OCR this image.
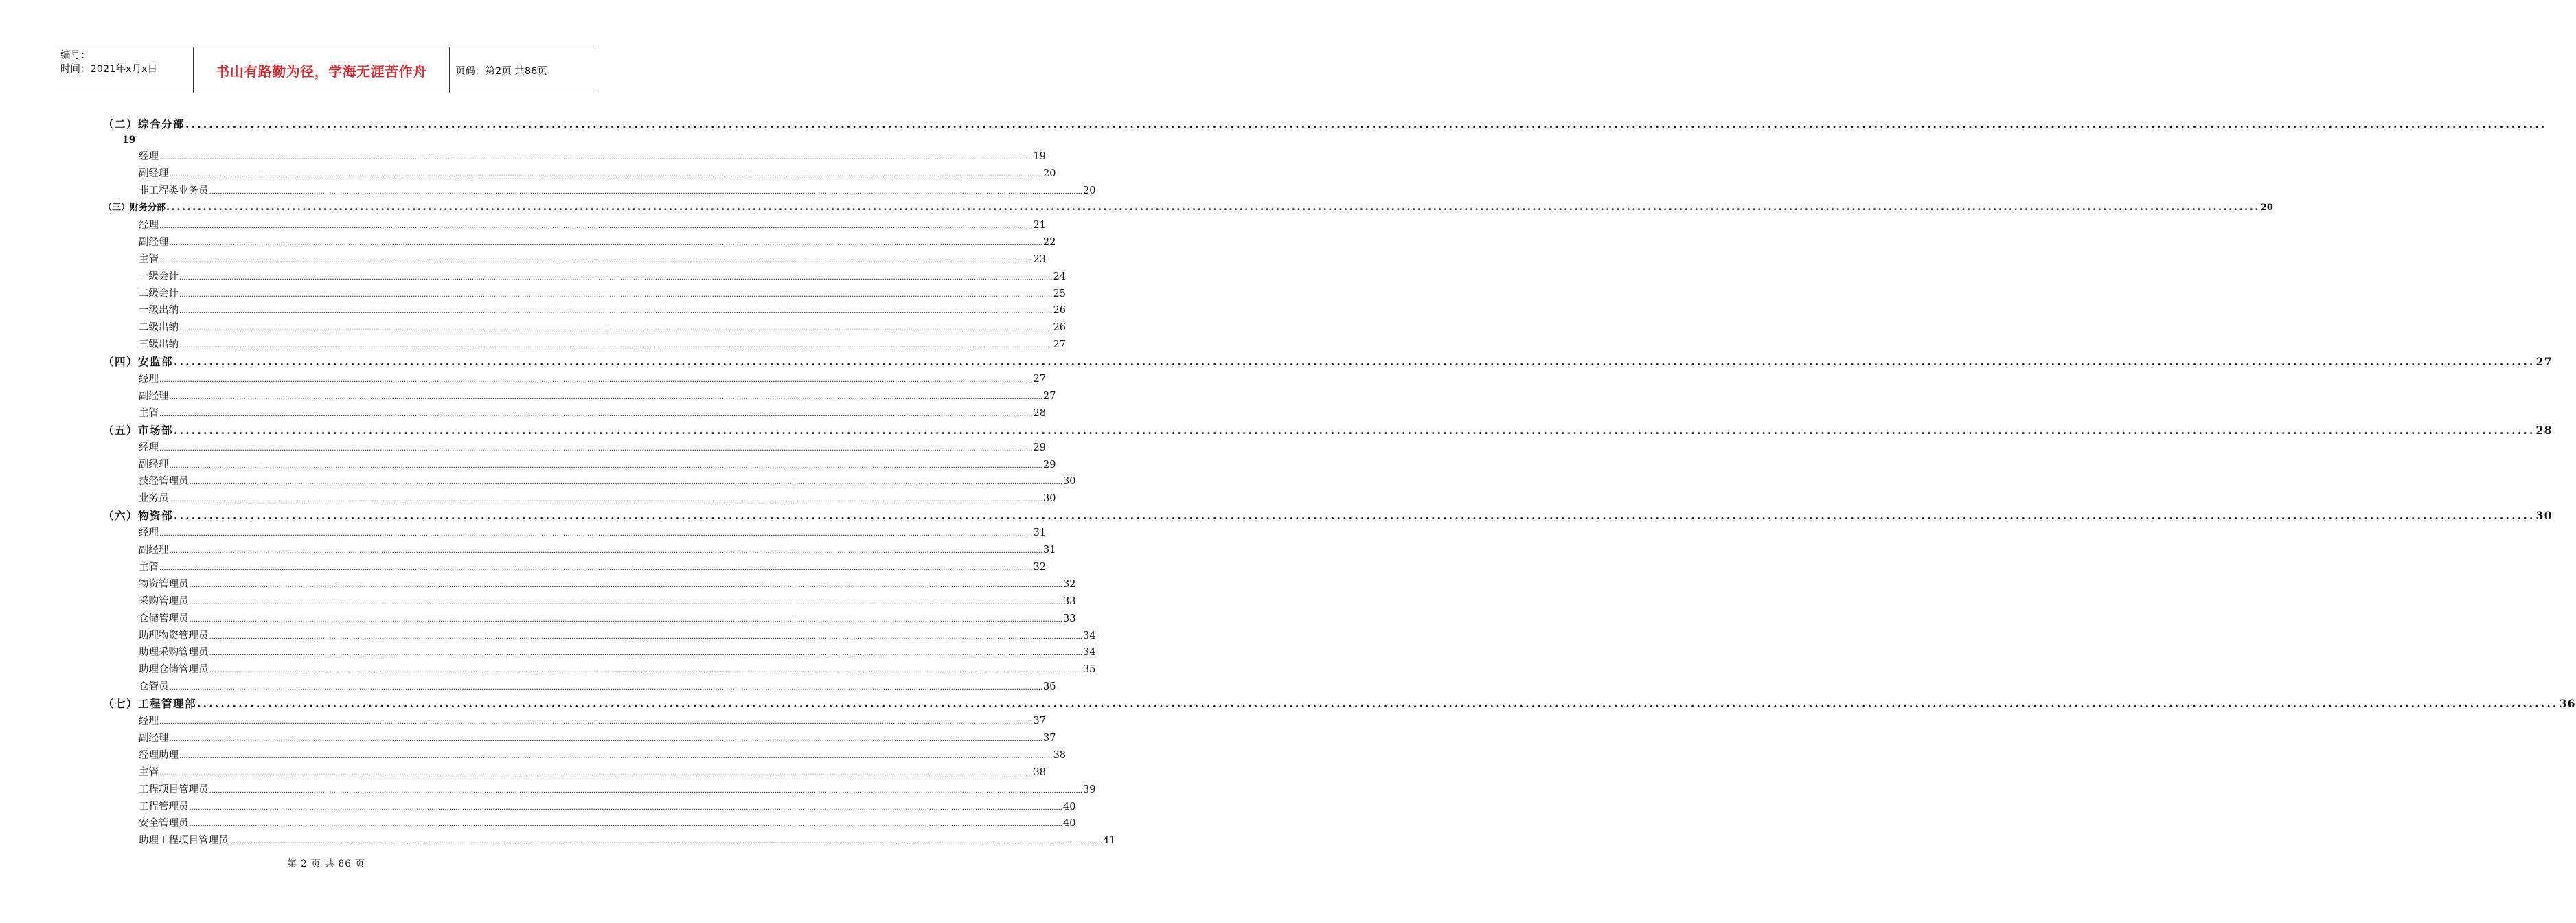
编号：
时间：2021年x月x日	书山有路勤为径，学海无涯苦作舟	页码：第2页 共86页
（二）综合分部 ................................................................................................................................................................................................................................................................................................................................................................................................................
19
经理 ................................................................................................................................................................................................................................................................................................................................................................................................................ 19
副经理 ................................................................................................................................................................................................................................................................................................................................................................................................................ 20
非工程类业务员 ................................................................................................................................................................................................................................................................................................................................................................................................................ 20
（三）财务分部 ................................................................................................................................................................................................................................................................................................................................................................................................................ 20
经理 ................................................................................................................................................................................................................................................................................................................................................................................................................ 21
副经理 ................................................................................................................................................................................................................................................................................................................................................................................................................ 22
主管 ................................................................................................................................................................................................................................................................................................................................................................................................................ 23
一级会计 ................................................................................................................................................................................................................................................................................................................................................................................................................ 24
二级会计 ................................................................................................................................................................................................................................................................................................................................................................................................................ 25
一级出纳 ................................................................................................................................................................................................................................................................................................................................................................................................................ 26
二级出纳 ................................................................................................................................................................................................................................................................................................................................................................................................................ 26
三级出纳 ................................................................................................................................................................................................................................................................................................................................................................................................................ 27
（四）安监部 ................................................................................................................................................................................................................................................................................................................................................................................................................ 27
经理 ................................................................................................................................................................................................................................................................................................................................................................................................................ 27
副经理 ................................................................................................................................................................................................................................................................................................................................................................................................................ 27
主管 ................................................................................................................................................................................................................................................................................................................................................................................................................ 28
（五）市场部 ................................................................................................................................................................................................................................................................................................................................................................................................................ 28
经理 ................................................................................................................................................................................................................................................................................................................................................................................................................ 29
副经理 ................................................................................................................................................................................................................................................................................................................................................................................................................ 29
技经管理员 ................................................................................................................................................................................................................................................................................................................................................................................................................ 30
业务员 ................................................................................................................................................................................................................................................................................................................................................................................................................ 30
（六）物资部 ................................................................................................................................................................................................................................................................................................................................................................................................................ 30
经理 ................................................................................................................................................................................................................................................................................................................................................................................................................ 31
副经理 ................................................................................................................................................................................................................................................................................................................................................................................................................ 31
主管 ................................................................................................................................................................................................................................................................................................................................................................................................................ 32
物资管理员 ................................................................................................................................................................................................................................................................................................................................................................................................................ 32
采购管理员 ................................................................................................................................................................................................................................................................................................................................................................................................................ 33
仓储管理员 ................................................................................................................................................................................................................................................................................................................................................................................................................ 33
助理物资管理员 ................................................................................................................................................................................................................................................................................................................................................................................................................ 34
助理采购管理员 ................................................................................................................................................................................................................................................................................................................................................................................................................ 34
助理仓储管理员 ................................................................................................................................................................................................................................................................................................................................................................................................................ 35
仓管员 ................................................................................................................................................................................................................................................................................................................................................................................................................ 36
（七）工程管理部 ................................................................................................................................................................................................................................................................................................................................................................................................................ 36
经理 ................................................................................................................................................................................................................................................................................................................................................................................................................ 37
副经理 ................................................................................................................................................................................................................................................................................................................................................................................................................ 37
经理助理 ................................................................................................................................................................................................................................................................................................................................................................................................................ 38
主管 ................................................................................................................................................................................................................................................................................................................................................................................................................ 38
工程项目管理员 ................................................................................................................................................................................................................................................................................................................................................................................................................ 39
工程管理员 ................................................................................................................................................................................................................................................................................................................................................................................................................ 40
安全管理员 ................................................................................................................................................................................................................................................................................................................................................................................................................ 40
助理工程项目管理员 ................................................................................................................................................................................................................................................................................................................................................................................................................ 41
第 2 页 共 86 页
